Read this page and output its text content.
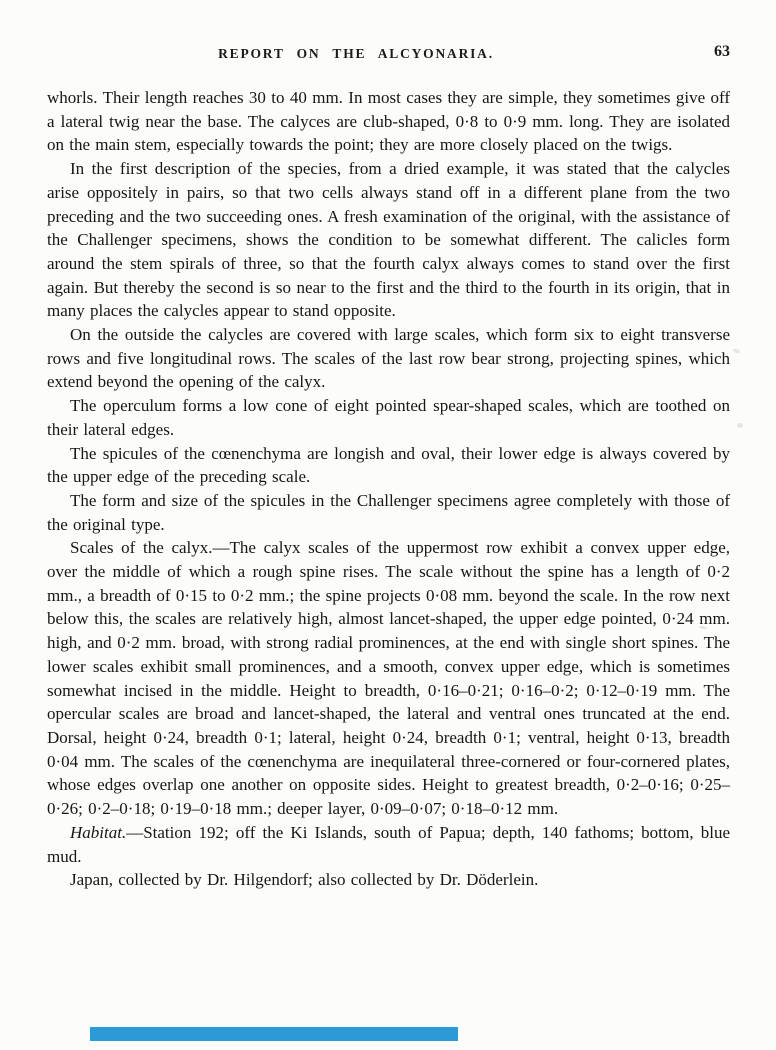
REPORT ON THE ALCYONARIA.	63

whorls. Their length reaches 30 to 40 mm. In most cases they are simple, they sometimes give off a lateral twig near the base. The calyces are club-shaped, 0·8 to 0·9 mm. long. They are isolated on the main stem, especially towards the point; they are more closely placed on the twigs.

In the first description of the species, from a dried example, it was stated that the calycles arise oppositely in pairs, so that two cells always stand off in a different plane from the two preceding and the two succeeding ones. A fresh examination of the original, with the assistance of the Challenger specimens, shows the condition to be somewhat different. The calicles form around the stem spirals of three, so that the fourth calyx always comes to stand over the first again. But thereby the second is so near to the first and the third to the fourth in its origin, that in many places the calycles appear to stand opposite.

On the outside the calycles are covered with large scales, which form six to eight transverse rows and five longitudinal rows. The scales of the last row bear strong, projecting spines, which extend beyond the opening of the calyx.

The operculum forms a low cone of eight pointed spear-shaped scales, which are toothed on their lateral edges.

The spicules of the cœnenchyma are longish and oval, their lower edge is always covered by the upper edge of the preceding scale.

The form and size of the spicules in the Challenger specimens agree completely with those of the original type.

Scales of the calyx.—The calyx scales of the uppermost row exhibit a convex upper edge, over the middle of which a rough spine rises. The scale without the spine has a length of 0·2 mm., a breadth of 0·15 to 0·2 mm.; the spine projects 0·08 mm. beyond the scale. In the row next below this, the scales are relatively high, almost lancet-shaped, the upper edge pointed, 0·24 mm. high, and 0·2 mm. broad, with strong radial prominences, at the end with single short spines. The lower scales exhibit small prominences, and a smooth, convex upper edge, which is sometimes somewhat incised in the middle. Height to breadth, 0·16–0·21; 0·16–0·2; 0·12–0·19 mm. The opercular scales are broad and lancet-shaped, the lateral and ventral ones truncated at the end. Dorsal, height 0·24, breadth 0·1; lateral, height 0·24, breadth 0·1; ventral, height 0·13, breadth 0·04 mm. The scales of the cœnenchyma are inequilateral three-cornered or four-cornered plates, whose edges overlap one another on opposite sides. Height to greatest breadth, 0·2–0·16; 0·25–0·26; 0·2–0·18; 0·19–0·18 mm.; deeper layer, 0·09–0·07; 0·18–0·12 mm.

Habitat.—Station 192; off the Ki Islands, south of Papua; depth, 140 fathoms; bottom, blue mud.

Japan, collected by Dr. Hilgendorf; also collected by Dr. Döderlein.
